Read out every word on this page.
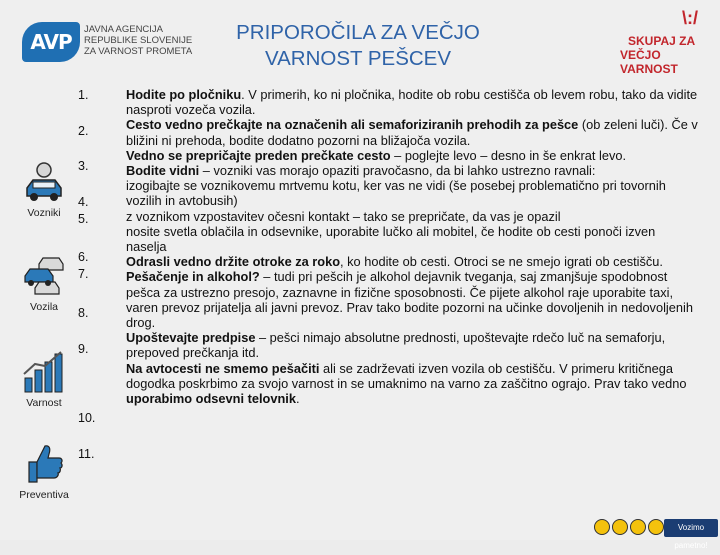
AVP
JAVNA AGENCIJA
REPUBLIKE SLOVENIJE
ZA VARNOST PROMETA
PRIPOROČILA ZA VEČJO
VARNOST PEŠCEV
\:/
SKUPAJ ZA
VEČJO VARNOST
Vozniki
Vozila
Varnost
Preventiva
1.
2.
3.
4.
5.
6.
7.
8.
9.
10.
11.

Hodite po pločniku. V primerih, ko ni pločnika, hodite ob robu cestišča ob levem robu, tako da vidite nasproti vozeča vozila.

Cesto vedno prečkajte na označenih ali semaforiziranih prehodih za pešce (ob zeleni luči). Če v bližini ni prehoda, bodite dodatno pozorni na bližajoča vozila.

Vedno se prepričajte preden prečkate cesto – poglejte levo – desno in še enkrat levo.

Bodite vidni – vozniki vas morajo opaziti pravočasno, da bi lahko ustrezno ravnali:

izogibajte se voznikovemu mrtvemu kotu, ker vas ne vidi (še posebej problematično pri tovornih vozilih in avtobusih)

z voznikom vzpostavitev očesni kontakt – tako se prepričate, da vas je opazil

nosite svetla oblačila in odsevnike, uporabite lučko ali mobitel, če hodite ob cesti ponoči izven naselja

Odrasli vedno držite otroke za roko, ko hodite ob cesti. Otroci se ne smejo igrati ob cestišču.

Pešačenje in alkohol? – tudi pri pešcih je alkohol dejavnik tveganja, saj zmanjšuje spodobnost pešca za ustrezno presojo, zaznavne in fizične sposobnosti. Če pijete alkohol raje uporabite taxi, varen prevoz prijatelja ali javni prevoz. Prav tako bodite pozorni na učinke dovoljenih in nedovoljenih drog.

Upoštevajte predpise – pešci nimajo absolutne prednosti, upoštevajte rdečo luč na semaforju, prepoved prečkanja itd.

Na avtocesti ne smemo pešačiti ali se zadrževati izven vozila ob cestišču. V primeru kritičnega dogodka poskrbimo za svojo varnost in se umaknimo na varno za zaščitno ograjo. Prav tako vedno uporabimo odsevni telovnik.

Vozimo pametno!
